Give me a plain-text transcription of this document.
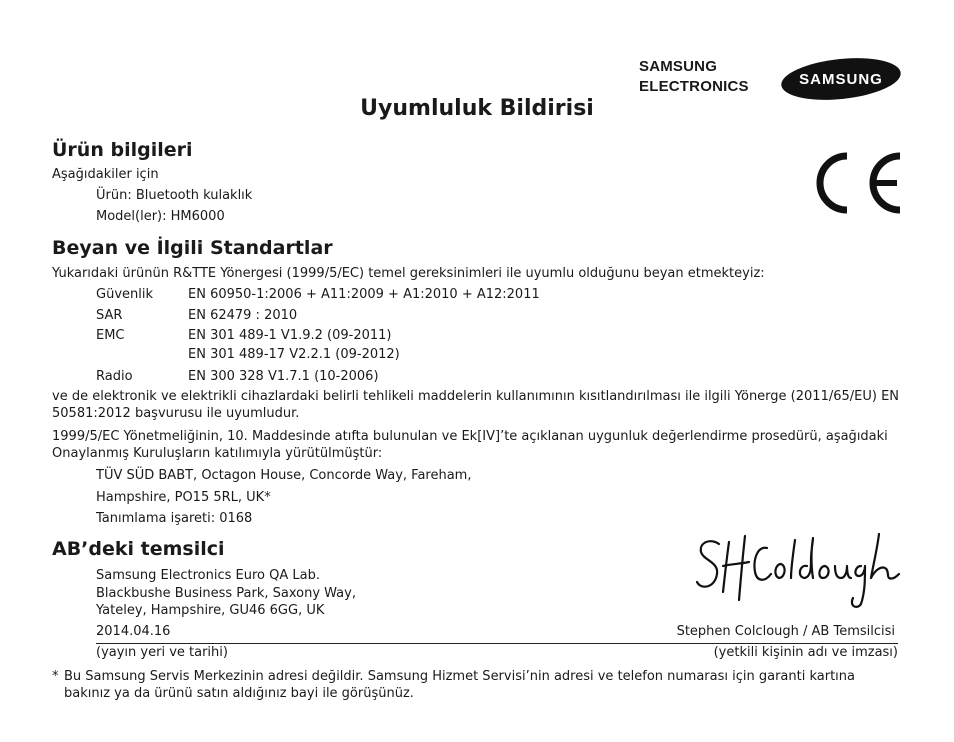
SAMSUNG
ELECTRONICS	SAMSUNG
Uyumluluk Bildirisi
Ürün bilgileri
Aşağıdakiler için
Ürün: Bluetooth kulaklık
Model(ler): HM6000
Beyan ve İlgili Standartlar
Yukarıdaki ürünün R&TTE Yönergesi (1999/5/EC) temel gereksinimleri ile uyumlu olduğunu beyan etmekteyiz:
Güvenlik	EN 60950-1:2006 + A11:2009 + A1:2010 + A12:2011
SAR	EN 62479 : 2010
EMC	EN 301 489-1 V1.9.2 (09-2011)
EN 301 489-17 V2.2.1 (09-2012)
Radio	EN 300 328 V1.7.1 (10-2006)
ve de elektronik ve elektrikli cihazlardaki belirli tehlikeli maddelerin kullanımının kısıtlandırılması ile ilgili Yönerge (2011/65/EU) EN 50581:2012 başvurusu ile uyumludur.
1999/5/EC Yönetmeliğinin, 10. Maddesinde atıfta bulunulan ve Ek[IV]’te açıklanan uygunluk değerlendirme prosedürü, aşağıdaki Onaylanmış Kuruluşların katılımıyla yürütülmüştür:
TÜV SÜD BABT, Octagon House, Concorde Way, Fareham,
Hampshire, PO15 5RL, UK*
Tanımlama işareti: 0168
AB’deki temsilci
Samsung Electronics Euro QA Lab.
Blackbushe Business Park, Saxony Way,
Yateley, Hampshire, GU46 6GG, UK
2014.04.16	Stephen Colclough / AB Temsilcisi
(yayın yeri ve tarihi)	(yetkili kişinin adı ve imzası)
* Bu Samsung Servis Merkezinin adresi değildir. Samsung Hizmet Servisi’nin adresi ve telefon numarası için garanti kartına bakınız ya da ürünü satın aldığınız bayi ile görüşünüz.
